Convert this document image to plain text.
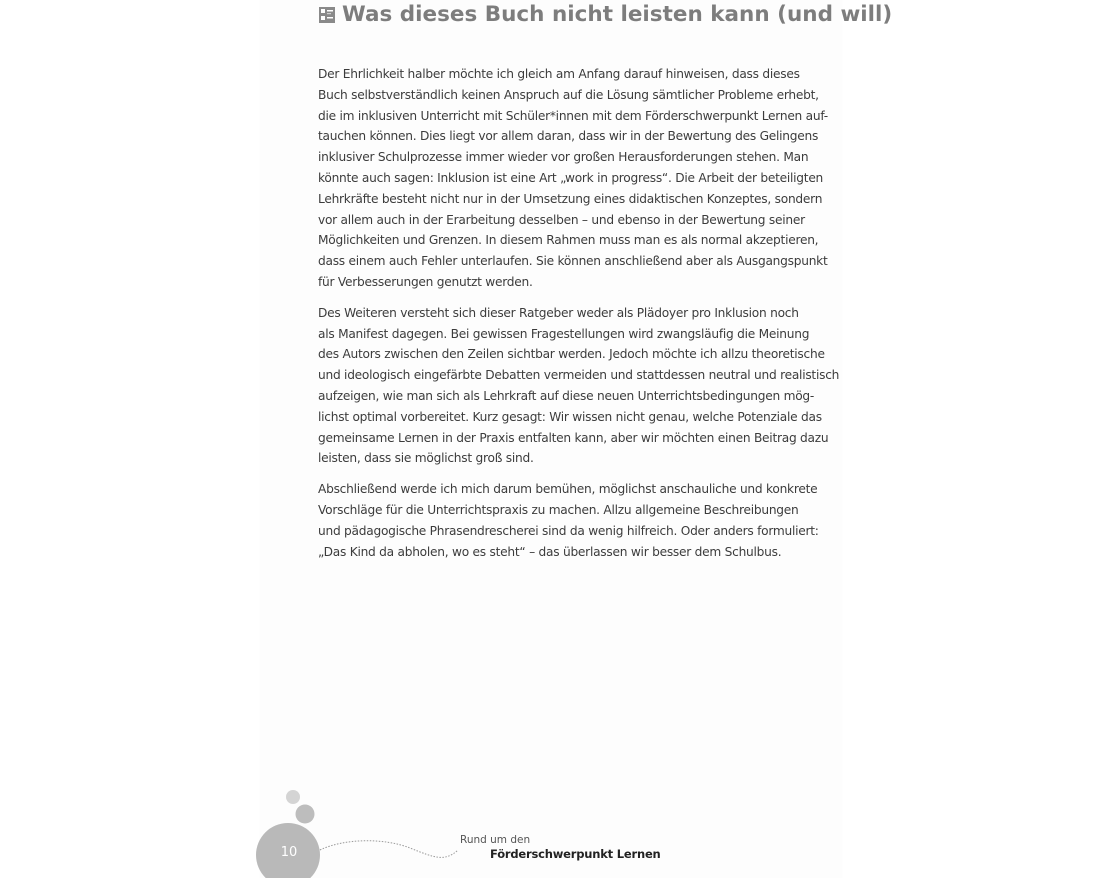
Was dieses Buch nicht leisten kann (und will)

Der Ehrlichkeit halber möchte ich gleich am Anfang darauf hinweisen, dass dieses
Buch selbstverständlich keinen Anspruch auf die Lösung sämtlicher Probleme erhebt,
die im inklusiven Unterricht mit Schüler*innen mit dem Förderschwerpunkt Lernen auf-
tauchen können. Dies liegt vor allem daran, dass wir in der Bewertung des Gelingens
inklusiver Schulprozesse immer wieder vor großen Herausforderungen stehen. Man
könnte auch sagen: Inklusion ist eine Art „work in progress“. Die Arbeit der beteiligten
Lehrkräfte besteht nicht nur in der Umsetzung eines didaktischen Konzeptes, sondern
vor allem auch in der Erarbeitung desselben – und ebenso in der Bewertung seiner
Möglichkeiten und Grenzen. In diesem Rahmen muss man es als normal akzeptieren,
dass einem auch Fehler unterlaufen. Sie können anschließend aber als Ausgangspunkt
für Verbesserungen genutzt werden.

Des Weiteren versteht sich dieser Ratgeber weder als Plädoyer pro Inklusion noch
als Manifest dagegen. Bei gewissen Fragestellungen wird zwangsläufig die Meinung
des Autors zwischen den Zeilen sichtbar werden. Jedoch möchte ich allzu theoretische
und ideologisch eingefärbte Debatten vermeiden und stattdessen neutral und realistisch
aufzeigen, wie man sich als Lehrkraft auf diese neuen Unterrichtsbedingungen mög-
lichst optimal vorbereitet. Kurz gesagt: Wir wissen nicht genau, welche Potenziale das
gemeinsame Lernen in der Praxis entfalten kann, aber wir möchten einen Beitrag dazu
leisten, dass sie möglichst groß sind.

Abschließend werde ich mich darum bemühen, möglichst anschauliche und konkrete
Vorschläge für die Unterrichtspraxis zu machen. Allzu allgemeine Beschreibungen
und pädagogische Phrasendrescherei sind da wenig hilfreich. Oder anders formuliert:
„Das Kind da abholen, wo es steht“ – das überlassen wir besser dem Schulbus.

10
Rund um den
Förderschwerpunkt Lernen
